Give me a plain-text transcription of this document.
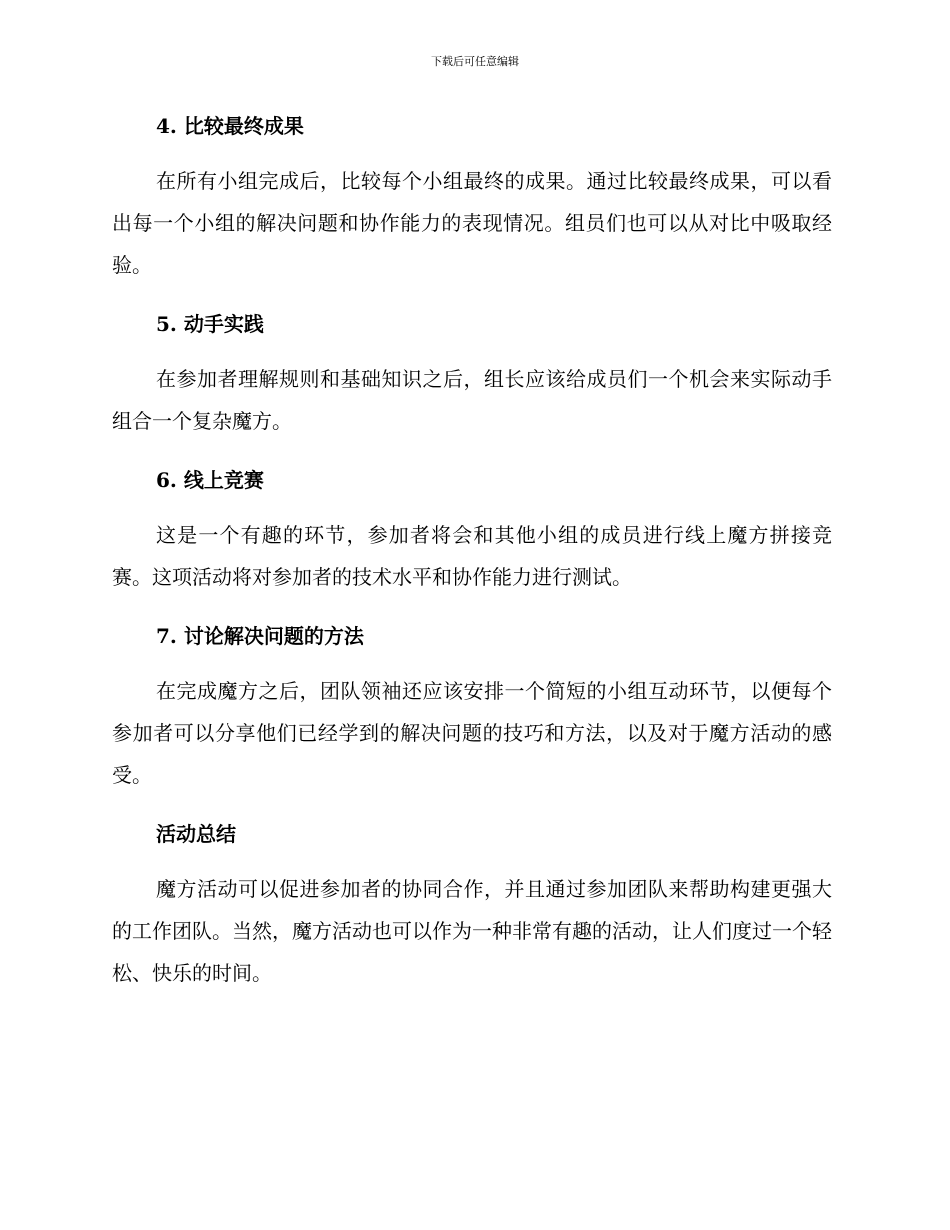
下载后可任意编辑
4. 比较最终成果

在所有小组完成后，比较每个小组最终的成果。通过比较最终成果，可以看出每一个小组的解决问题和协作能力的表现情况。组员们也可以从对比中吸取经验。

5. 动手实践

在参加者理解规则和基础知识之后，组长应该给成员们一个机会来实际动手组合一个复杂魔方。

6. 线上竞赛

这是一个有趣的环节，参加者将会和其他小组的成员进行线上魔方拼接竞赛。这项活动将对参加者的技术水平和协作能力进行测试。

7. 讨论解决问题的方法

在完成魔方之后，团队领袖还应该安排一个简短的小组互动环节，以便每个参加者可以分享他们已经学到的解决问题的技巧和方法，以及对于魔方活动的感受。

活动总结

魔方活动可以促进参加者的协同合作，并且通过参加团队来帮助构建更强大的工作团队。当然，魔方活动也可以作为一种非常有趣的活动，让人们度过一个轻松、快乐的时间。
